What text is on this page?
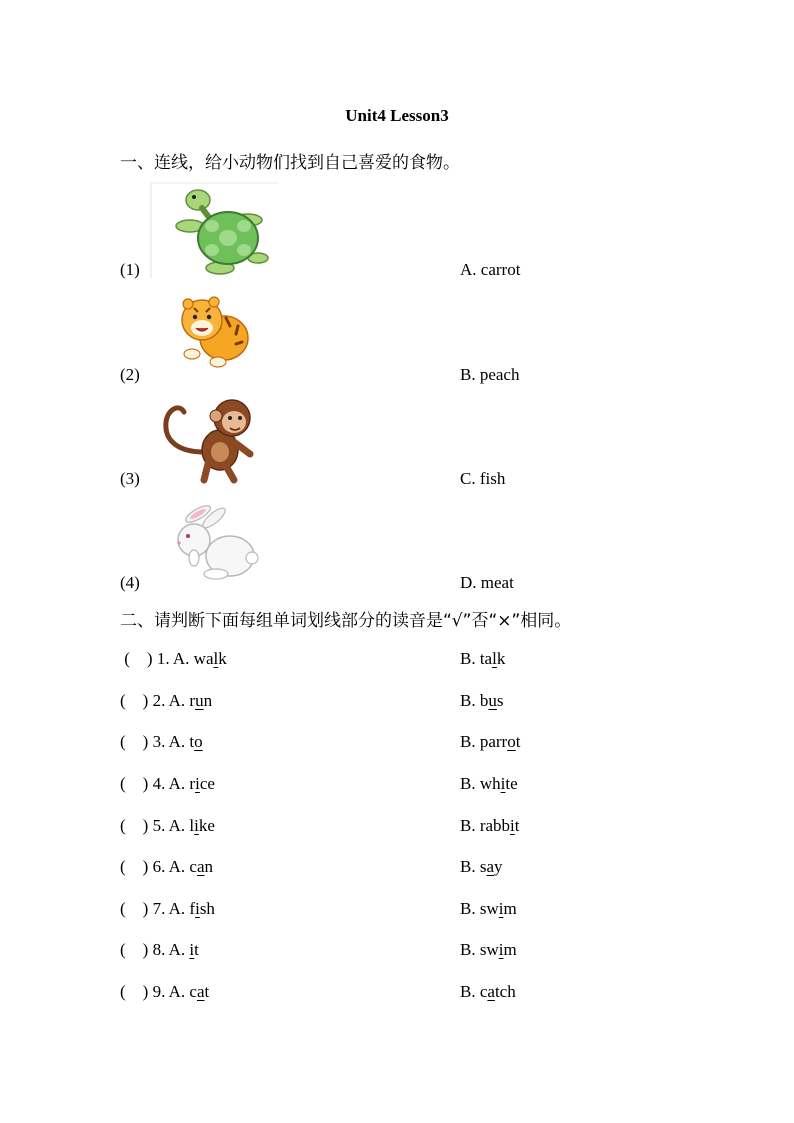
Unit4 Lesson3
一、连线，给小动物们找到自己喜爱的食物。
(1)	A. carrot
(2)	B. peach
(3)	C. fish
(4)	D. meat
二、请判断下面每组单词划线部分的读音是“√”否“×”相同。
(    ) 1. A. walk	B. talk
(    ) 2. A. run	B. bus
(    ) 3. A. to	B. parrot
(    ) 4. A. rice	B. white
(    ) 5. A. like	B. rabbit
(    ) 6. A. can	B. say
(    ) 7. A. fish	B. swim
(    ) 8. A. it	B. swim
(    ) 9. A. cat	B. catch
